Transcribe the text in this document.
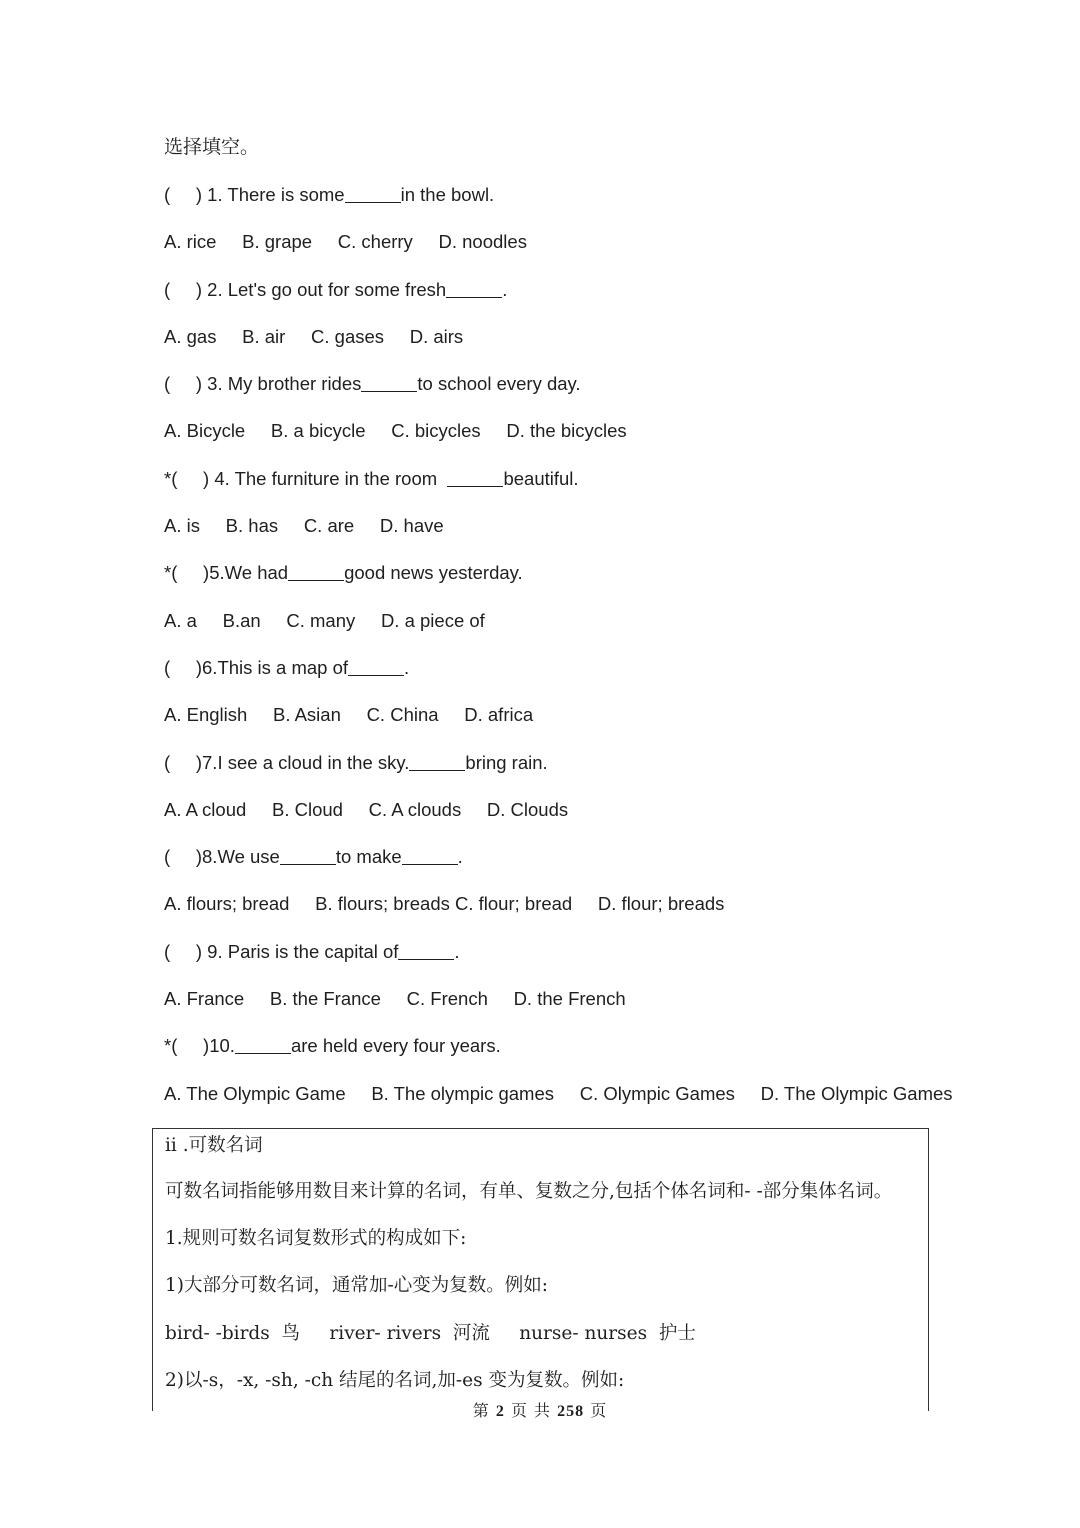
选择填空。
(     ) 1. There is some	in the bowl.
A. rice     B. grape     C. cherry     D. noodles
(     ) 2. Let's go out for some fresh	.
A. gas     B. air     C. gases     D. airs
(     ) 3. My brother rides	to school every day.
A. Bicycle     B. a bicycle     C. bicycles     D. the bicycles
*(     ) 4. The furniture in the room	beautiful.
A. is     B. has     C. are     D. have
*(     )5.We had	good news yesterday.
A. a     B.an     C. many     D. a piece of
(     )6.This is a map of	.
A. English     B. Asian     C. China     D. africa
(     )7.I see a cloud in the sky.	bring rain.
A. A cloud     B. Cloud     C. A clouds     D. Clouds
(     )8.We use	to make	.
A. flours; bread     B. flours; breads C. flour; bread     D. flour; breads
(     ) 9. Paris is the capital of	.
A. France     B. the France     C. French     D. the French
*(     )10.	are held every four years.
A. The Olympic Game     B. The olympic games     C. Olympic Games     D. The Olympic Games
ii .可数名词
可数名词指能够用数目来计算的名词，有单、复数之分,包括个体名词和- -部分集体名词。
1.规则可数名词复数形式的构成如下:
1)大部分可数名词，通常加-心变为复数。例如:
bird- -birds  鸟     river- rivers  河流     nurse- nurses  护士
2)以-s，-x, -sh, -ch 结尾的名词,加-es 变为复数。例如:
第 2 页 共 258 页
